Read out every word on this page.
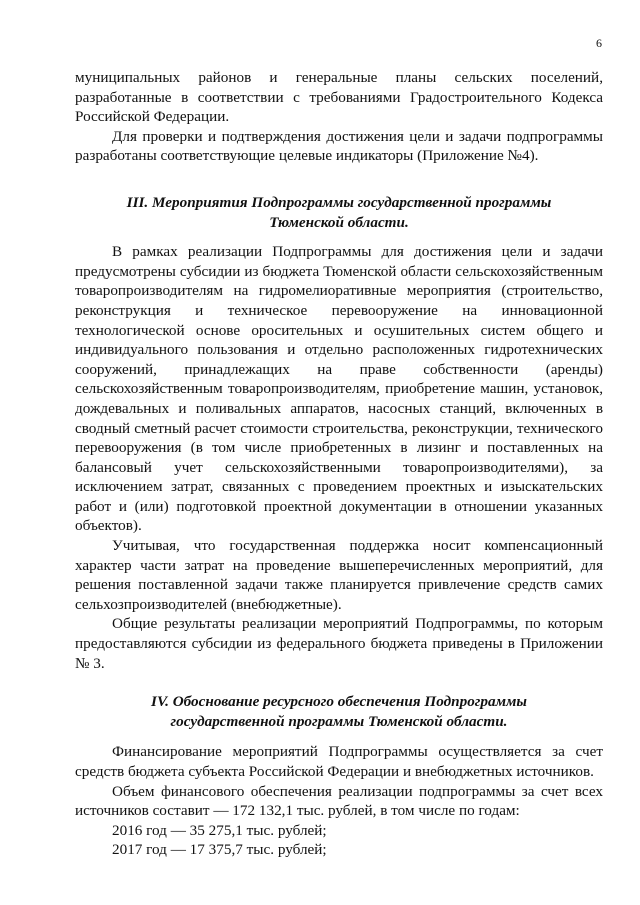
6

муниципальных районов и генеральные планы сельских поселений, разработанные в соответствии с требованиями Градостроительного Кодекса Российской Федерации.

Для проверки и подтверждения достижения цели и задачи подпрограммы разработаны соответствующие целевые индикаторы (Приложение №4).

III. Мероприятия Подпрограммы государственной программы
Тюменской области.

В рамках реализации Подпрограммы для достижения цели и задачи предусмотрены субсидии из бюджета Тюменской области сельскохозяйственным товаропроизводителям на гидромелиоративные мероприятия (строительство, реконструкция и техническое перевооружение на инновационной технологической основе оросительных и осушительных систем общего и индивидуального пользования и отдельно расположенных гидротехнических сооружений, принадлежащих на праве собственности (аренды) сельскохозяйственным товаропроизводителям, приобретение машин, установок, дождевальных и поливальных аппаратов, насосных станций, включенных в сводный сметный расчет стоимости строительства, реконструкции, технического перевооружения (в том числе приобретенных в лизинг и поставленных на балансовый учет сельскохозяйственными товаропроизводителями), за исключением затрат, связанных с проведением проектных и изыскательских работ и (или) подготовкой проектной документации в отношении указанных объектов).

Учитывая, что государственная поддержка носит компенсационный характер части затрат на проведение вышеперечисленных мероприятий, для решения поставленной задачи также планируется привлечение средств самих сельхозпроизводителей (внебюджетные).

Общие результаты реализации мероприятий Подпрограммы, по которым предоставляются субсидии из федерального бюджета приведены в Приложении № 3.

IV. Обоснование ресурсного обеспечения Подпрограммы
государственной программы Тюменской области.

Финансирование мероприятий Подпрограммы осуществляется за счет средств бюджета субъекта Российской Федерации и внебюджетных источников.

Объем финансового обеспечения реализации подпрограммы за счет всех источников составит — 172 132,1 тыс. рублей, в том числе по годам:

2016 год — 35 275,1 тыс. рублей;
2017 год — 17 375,7 тыс. рублей;
